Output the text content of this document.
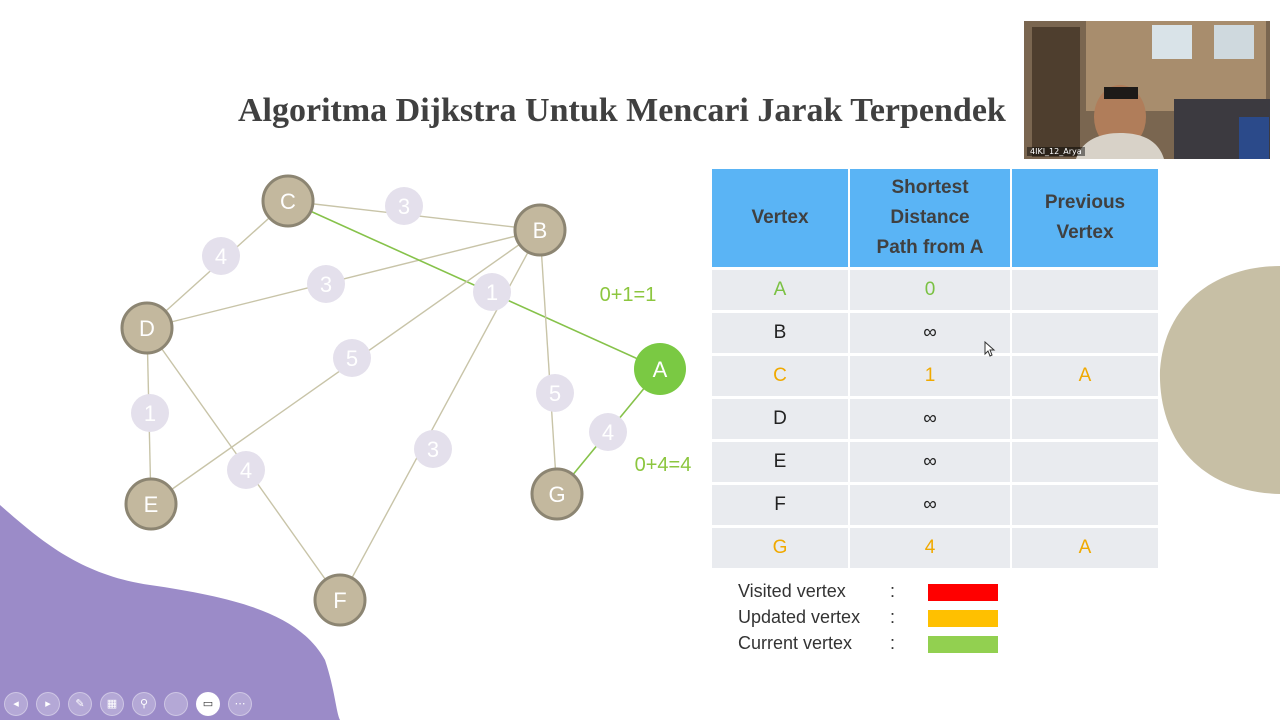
Algoritma Dijkstra Untuk Mencari Jarak Terpendek
3
4
3	1
5
1
4
3
5
4
C
B
D
A
E	G
F
0+1=1
0+4=4
Vertex	Shortest Distance Path from A	Previous Vertex

A	0	
B	∞	
C	1	A
D	∞	
E	∞	
F	∞	
G	4	A
Visited vertex :
Updated vertex :
Current vertex :
4IKI_12_Arya
◂	▸	✎	▦	⚲	▭	⋯
